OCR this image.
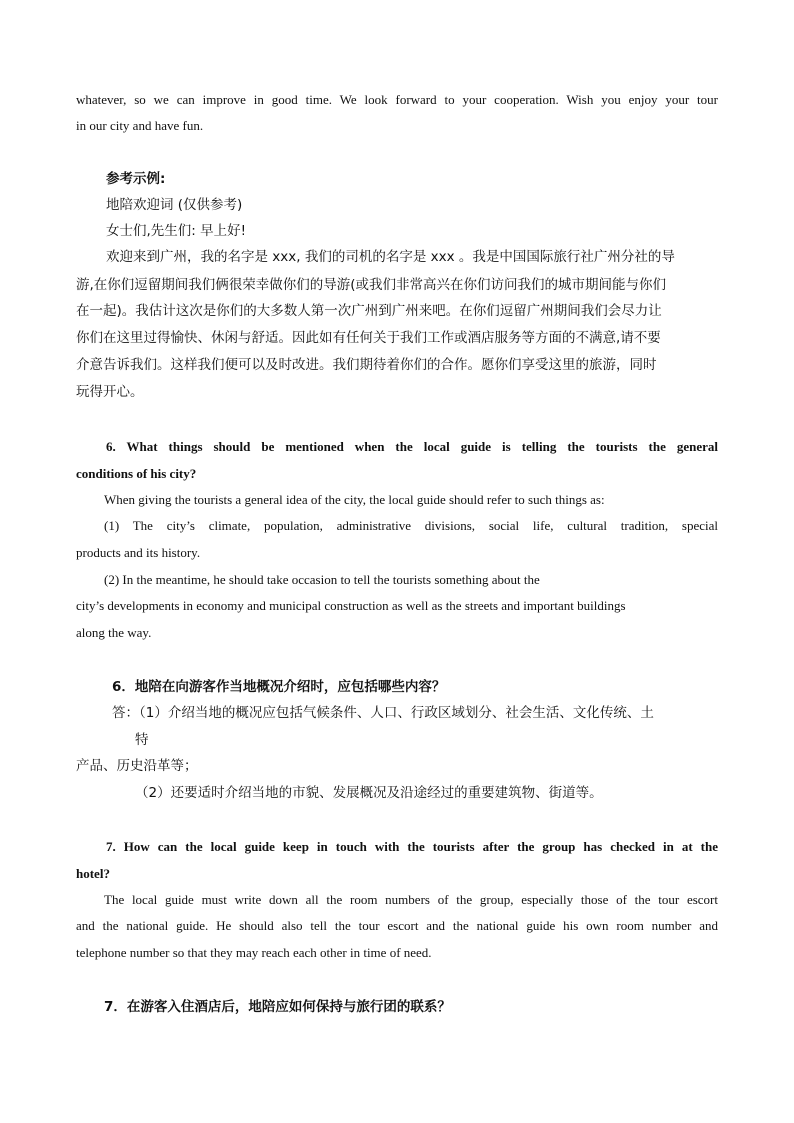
whatever, so we can improve in good time. We look forward to your cooperation. Wish you enjoy your tour
in our city and have fun.
参考示例:
地陪欢迎词 (仅供参考)
女士们,先生们: 早上好!
欢迎来到广州，我的名字是 xxx, 我们的司机的名字是 xxx 。我是中国国际旅行社广州分社的导
游,在你们逗留期间我们俩很荣幸做你们的导游(或我们非常高兴在你们访问我们的城市期间能与你们
在一起)。我估计这次是你们的大多数人第一次广州到广州来吧。在你们逗留广州期间我们会尽力让
你们在这里过得愉快、休闲与舒适。因此如有任何关于我们工作或酒店服务等方面的不满意,请不要
介意告诉我们。这样我们便可以及时改进。我们期待着你们的合作。愿你们享受这里的旅游，同时
玩得开心。
6. What things should be mentioned when the local guide is telling the tourists the general
conditions of his city?
When giving the tourists a general idea of the city, the local guide should refer to such things as:
(1) The city’s climate, population, administrative divisions, social life, cultural tradition, special
products and its history.
(2) In the meantime, he should take occasion to tell the tourists something about the
city’s developments in economy and municipal construction as well as the streets and important buildings
along the way.
6．地陪在向游客作当地概况介绍时，应包括哪些内容？
答：（1）介绍当地的概况应包括气候条件、人口、行政区域划分、社会生活、文化传统、土
特
产品、历史沿革等；
（2）还要适时介绍当地的市貌、发展概况及沿途经过的重要建筑物、街道等。
7. How can the local guide keep in touch with the tourists after the group has checked in at the
hotel?
The local guide must write down all the room numbers of the group, especially those of the tour escort
and the national guide. He should also tell the tour escort and the national guide his own room number and
telephone number so that they may reach each other in time of need.
7．在游客入住酒店后，地陪应如何保持与旅行团的联系？
